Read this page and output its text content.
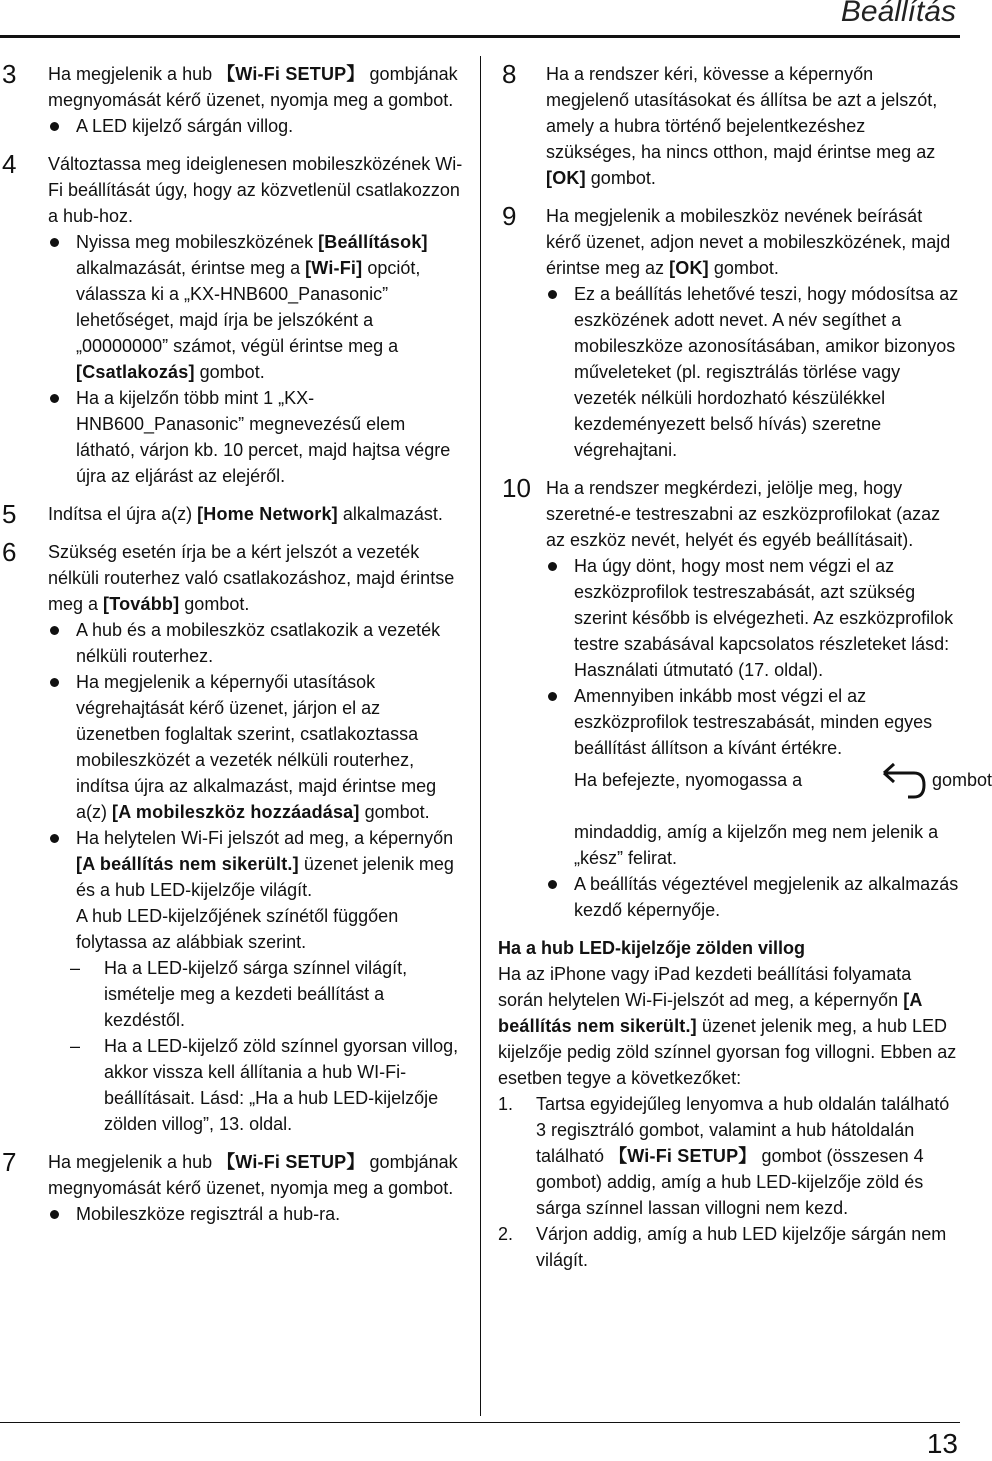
Beállítás
3 Ha megjelenik a hub 【Wi-Fi SETUP】 gombjának megnyomását kérő üzenet, nyomja meg a gombot.

A LED kijelző sárgán villog.

4 Változtassa meg ideiglenesen mobileszközének Wi-Fi beállítását úgy, hogy az közvetlenül csatlakozzon a hub-hoz.

Nyissa meg mobileszközének [Beállítások] alkalmazását, érintse meg a [Wi-Fi] opciót, válassza ki a „KX-HNB600_Panasonic” lehetőséget, majd írja be jelszóként a „00000000” számot, végül érintse meg a [Csatlakozás] gombot.

Ha a kijelzőn több mint 1 „KX-HNB600_Panasonic” megnevezésű elem látható, várjon kb. 10 percet, majd hajtsa végre újra az eljárást az elejéről.

5 Indítsa el újra a(z) [Home Network] alkalmazást.

6 Szükség esetén írja be a kért jelszót a vezeték nélküli routerhez való csatlakozáshoz, majd érintse meg a [Tovább] gombot.

A hub és a mobileszköz csatlakozik a vezeték nélküli routerhez.

Ha megjelenik a képernyői utasítások végrehajtását kérő üzenet, járjon el az üzenetben foglaltak szerint, csatlakoztassa mobileszközét a vezeték nélküli routerhez, indítsa újra az alkalmazást, majd érintse meg a(z) [A mobileszköz hozzáadása] gombot.

Ha helytelen Wi-Fi jelszót ad meg, a képernyőn [A beállítás nem sikerült.] üzenet jelenik meg és a hub LED-kijelzője világít.

A hub LED-kijelzőjének színétől függően folytassa az alábbiak szerint.

– Ha a LED-kijelző sárga színnel világít, ismételje meg a kezdeti beállítást a kezdéstől.

– Ha a LED-kijelző zöld színnel gyorsan villog, akkor vissza kell állítania a hub WI-Fi-beállításait. Lásd: „Ha a hub LED-kijelzője zölden villog”, 13. oldal.

7 Ha megjelenik a hub 【Wi-Fi SETUP】 gombjának megnyomását kérő üzenet, nyomja meg a gombot.

Mobileszköze regisztrál a hub-ra.

8 Ha a rendszer kéri, kövesse a képernyőn megjelenő utasításokat és állítsa be azt a jelszót, amely a hubra történő bejelentkezéshez szükséges, ha nincs otthon, majd érintse meg az [OK] gombot.

9 Ha megjelenik a mobileszköz nevének beírását kérő üzenet, adjon nevet a mobileszközének, majd érintse meg az [OK] gombot.

Ez a beállítás lehetővé teszi, hogy módosítsa az eszközének adott nevet. A név segíthet a mobileszköze azonosításában, amikor bizonyos műveleteket (pl. regisztrálás törlése vagy vezeték nélküli hordozható készülékkel kezdeményezett belső hívás) szeretne végrehajtani.

10 Ha a rendszer megkérdezi, jelölje meg, hogy szeretné-e testreszabni az eszközprofilokat (azaz az eszköz nevét, helyét és egyéb beállításait).

Ha úgy dönt, hogy most nem végzi el az eszközprofilok testreszabását, azt szükség szerint később is elvégezheti. Az eszközprofilok testre szabásával kapcsolatos részleteket lásd: Használati útmutató (17. oldal).

Amennyiben inkább most végzi el az eszközprofilok testreszabását, minden egyes beállítást állítson a kívánt értékre.

Ha befejezte, nyomogassa a	gombot

mindaddig, amíg a kijelzőn meg nem jelenik a „kész” felirat.

A beállítás végeztével megjelenik az alkalmazás kezdő képernyője.

Ha a hub LED-kijelzője zölden villog

Ha az iPhone vagy iPad kezdeti beállítási folyamata során helytelen Wi-Fi-jelszót ad meg, a képernyőn [A beállítás nem sikerült.] üzenet jelenik meg, a hub LED kijelzője pedig zöld színnel gyorsan fog villogni. Ebben az esetben tegye a következőket:

1. Tartsa egyidejűleg lenyomva a hub oldalán található 3 regisztráló gombot, valamint a hub hátoldalán található 【Wi-Fi SETUP】 gombot (összesen 4 gombot) addig, amíg a hub LED-kijelzője zöld és sárga színnel lassan villogni nem kezd.

2. Várjon addig, amíg a hub LED kijelzője sárgán nem világít.

13
